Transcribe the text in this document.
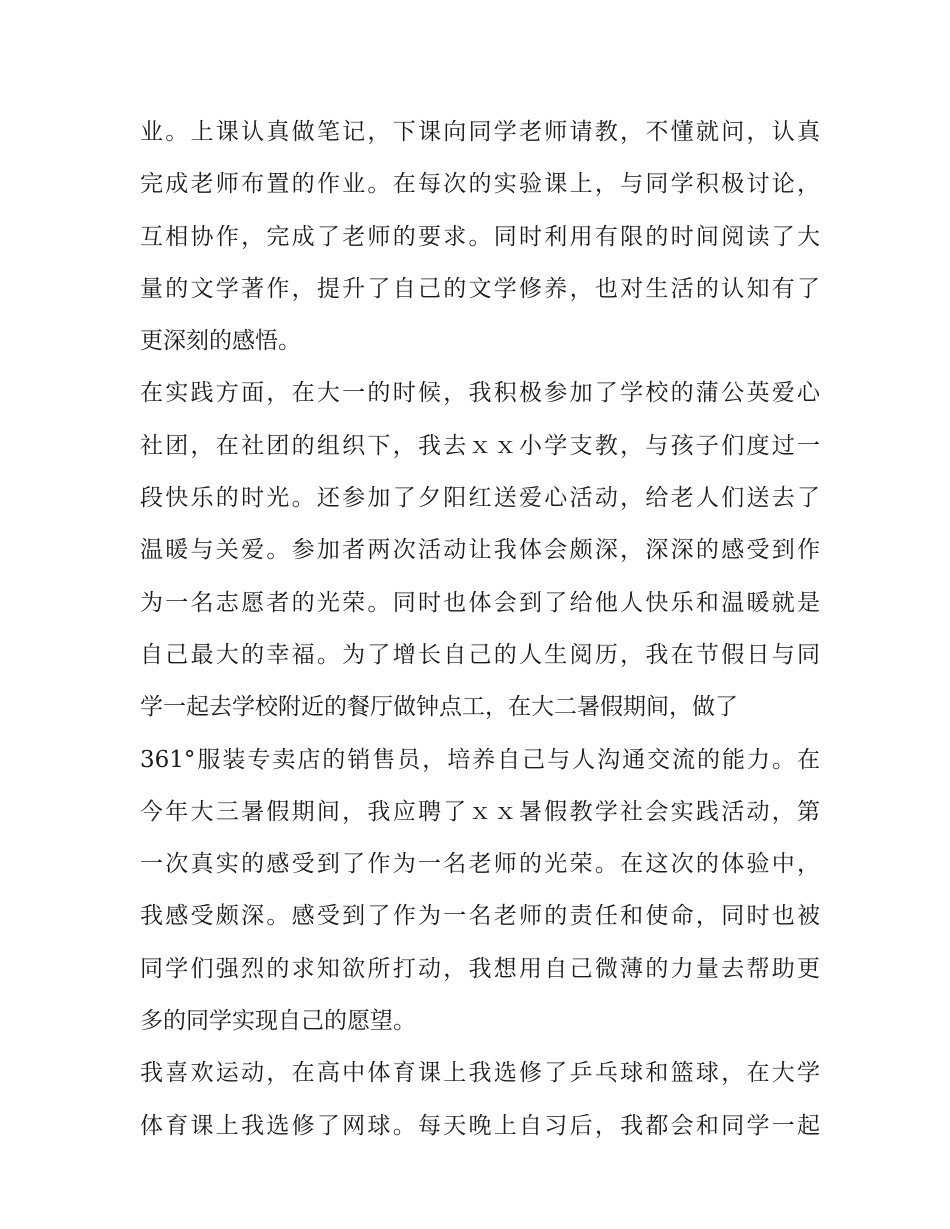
业。上课认真做笔记，下课向同学老师请教，不懂就问，认真
完成老师布置的作业。在每次的实验课上，与同学积极讨论，
互相协作，完成了老师的要求。同时利用有限的时间阅读了大
量的文学著作，提升了自己的文学修养，也对生活的认知有了
更深刻的感悟。
在实践方面，在大一的时候，我积极参加了学校的蒲公英爱心
社团，在社团的组织下，我去ｘｘ小学支教，与孩子们度过一
段快乐的时光。还参加了夕阳红送爱心活动，给老人们送去了
温暖与关爱。参加者两次活动让我体会颇深，深深的感受到作
为一名志愿者的光荣。同时也体会到了给他人快乐和温暖就是
自己最大的幸福。为了增长自己的人生阅历，我在节假日与同
学一起去学校附近的餐厅做钟点工，在大二暑假期间，做了
361°服装专卖店的销售员，培养自己与人沟通交流的能力。在
今年大三暑假期间，我应聘了ｘｘ暑假教学社会实践活动，第
一次真实的感受到了作为一名老师的光荣。在这次的体验中，
我感受颇深。感受到了作为一名老师的责任和使命，同时也被
同学们强烈的求知欲所打动，我想用自己微薄的力量去帮助更
多的同学实现自己的愿望。
我喜欢运动，在高中体育课上我选修了乒乓球和篮球，在大学
体育课上我选修了网球。每天晚上自习后，我都会和同学一起
